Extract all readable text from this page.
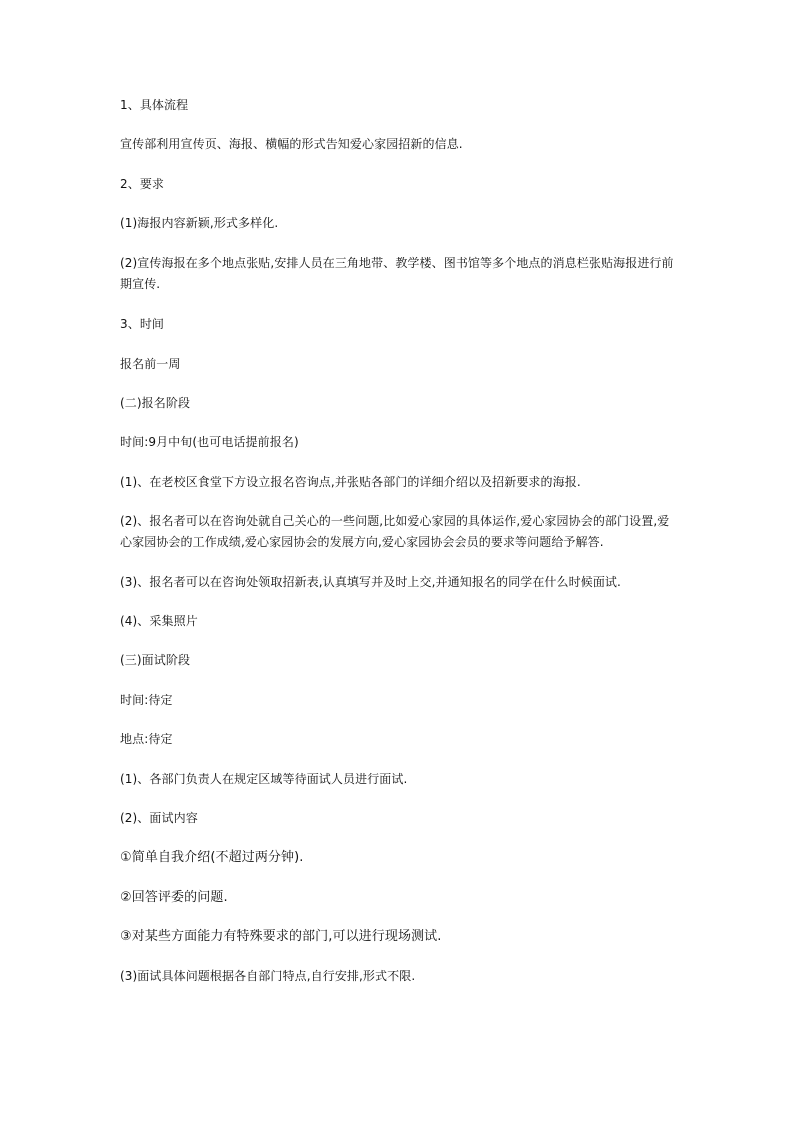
1、具体流程

宣传部利用宣传页、海报、横幅的形式告知爱心家园招新的信息.

2、要求

(1)海报内容新颖,形式多样化.

(2)宣传海报在多个地点张贴,安排人员在三角地带、教学楼、图书馆等多个地点的消息栏张贴海报进行前期宣传.

3、时间

报名前一周

(二)报名阶段

时间:9月中旬(也可电话提前报名)

(1)、在老校区食堂下方设立报名咨询点,并张贴各部门的详细介绍以及招新要求的海报.

(2)、报名者可以在咨询处就自己关心的一些问题,比如爱心家园的具体运作,爱心家园协会的部门设置,爱心家园协会的工作成绩,爱心家园协会的发展方向,爱心家园协会会员的要求等问题给予解答.

(3)、报名者可以在咨询处领取招新表,认真填写并及时上交,并通知报名的同学在什么时候面试.

(4)、采集照片

(三)面试阶段

时间:待定

地点:待定

(1)、各部门负责人在规定区域等待面试人员进行面试.

(2)、面试内容

①简单自我介绍(不超过两分钟).

②回答评委的问题.

③对某些方面能力有特殊要求的部门,可以进行现场测试.

(3)面试具体问题根据各自部门特点,自行安排,形式不限.
